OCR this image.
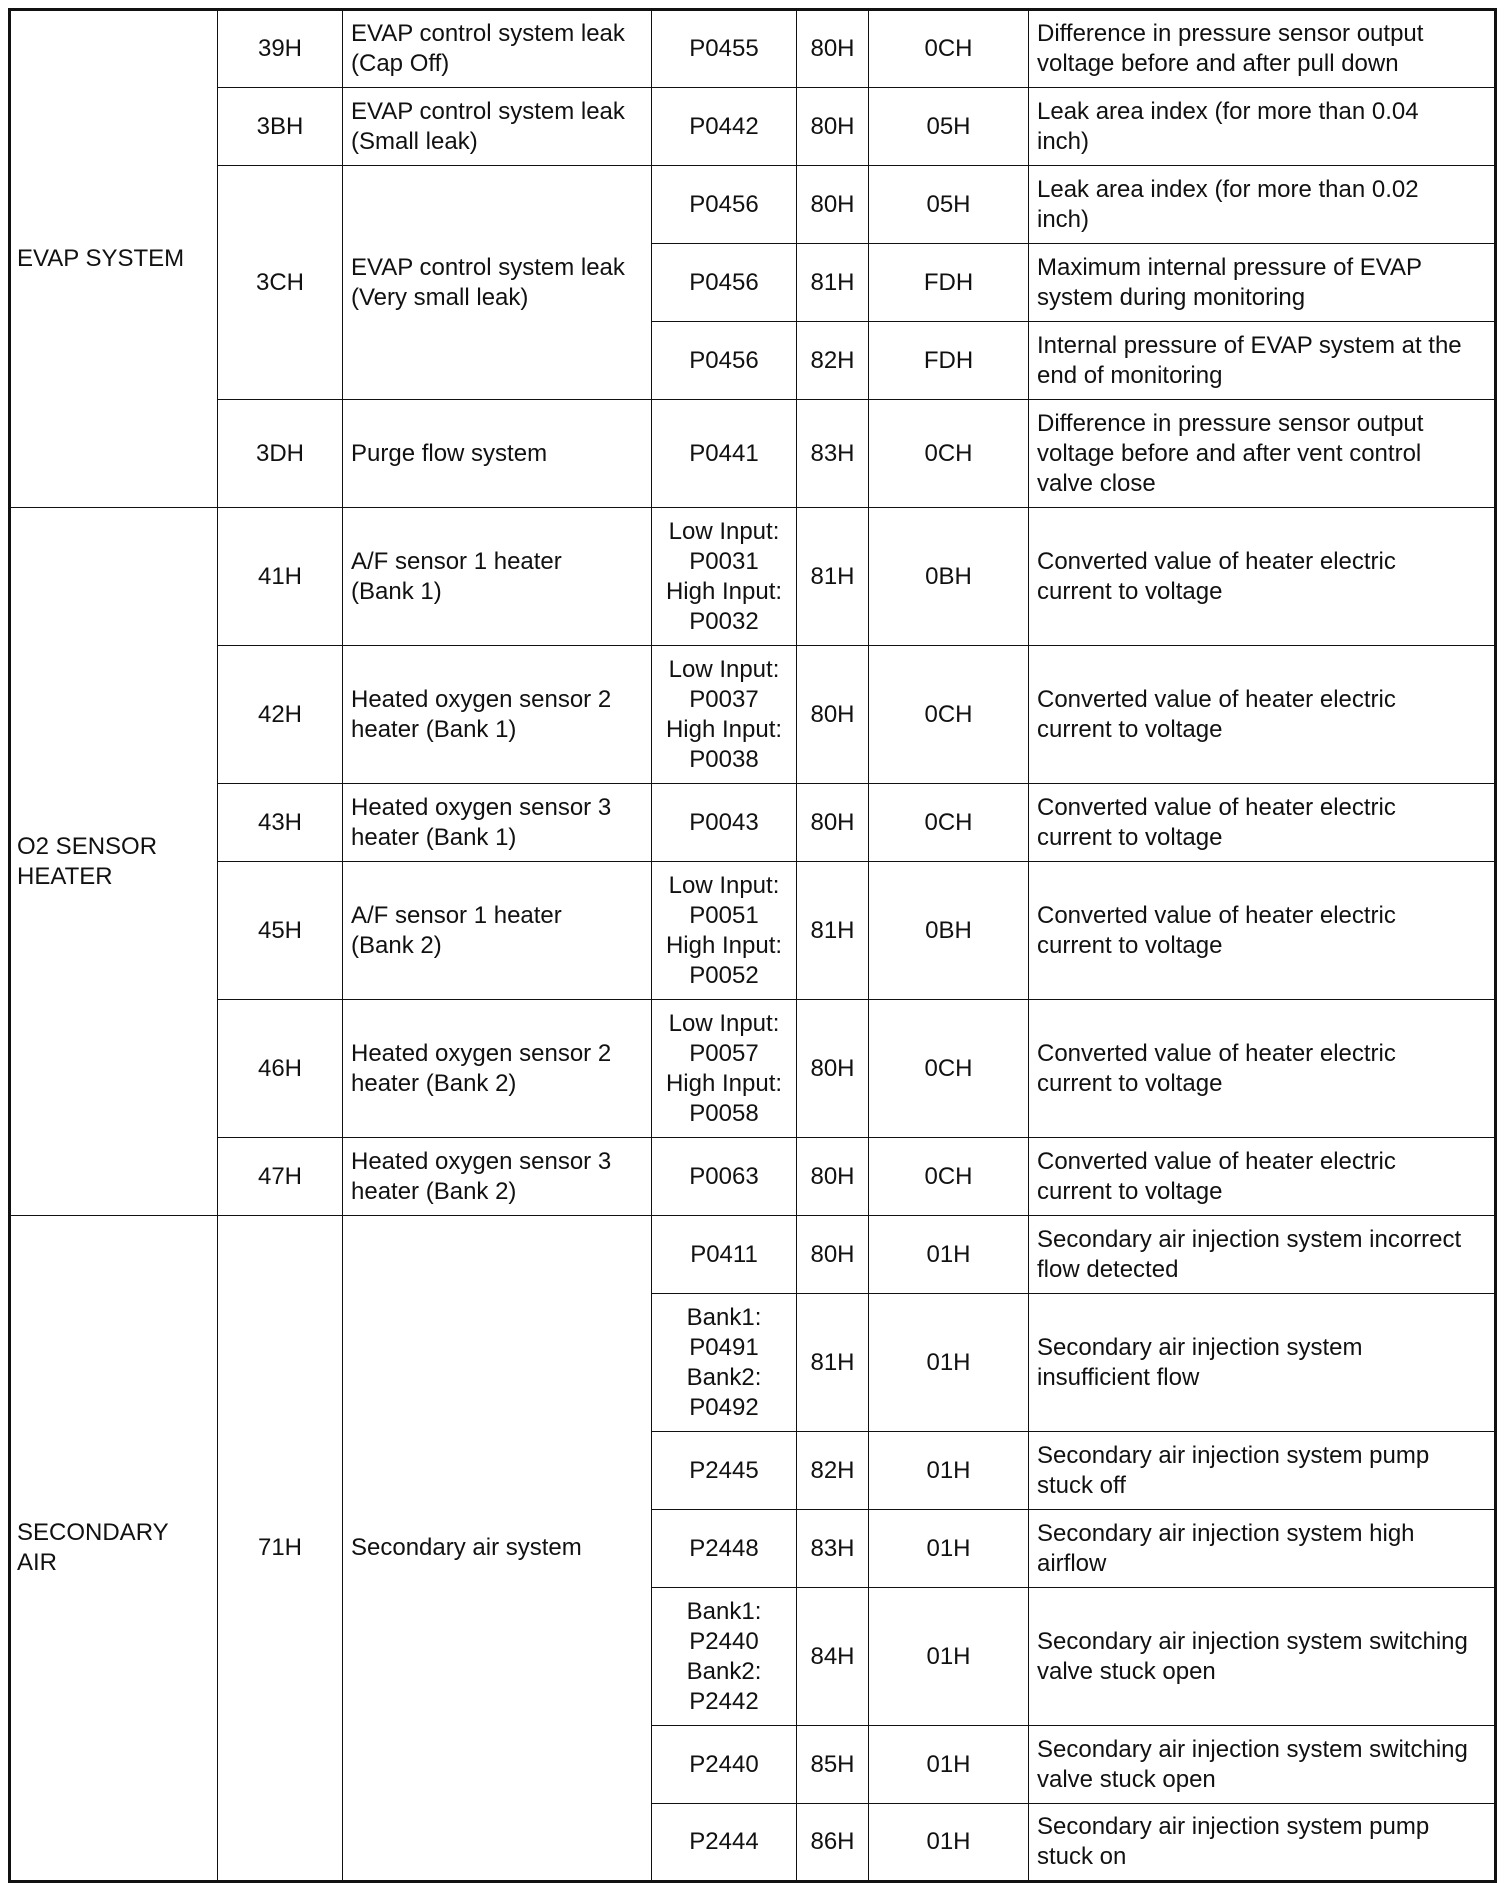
EVAP SYSTEM	39H	EVAP control system leak
(Cap Off)	P0455	80H	0CH	Difference in pressure sensor output
voltage before and after pull down

	3BH	EVAP control system leak
(Small leak)	P0442	80H	05H	Leak area index (for more than 0.04
inch)

	3CH	EVAP control system leak
(Very small leak)	P0456	80H	05H	Leak area index (for more than 0.02
inch)

			P0456	81H	FDH	Maximum internal pressure of EVAP
system during monitoring

			P0456	82H	FDH	Internal pressure of EVAP system at the
end of monitoring

	3DH	Purge flow system	P0441	83H	0CH	Difference in pressure sensor output
voltage before and after vent control
valve close

O2 SENSOR
HEATER	41H	A/F sensor 1 heater
(Bank 1)	Low Input:
P0031
High Input:
P0032	81H	0BH	Converted value of heater electric
current to voltage

	42H	Heated oxygen sensor 2
heater (Bank 1)	Low Input:
P0037
High Input:
P0038	80H	0CH	Converted value of heater electric
current to voltage

	43H	Heated oxygen sensor 3
heater (Bank 1)	P0043	80H	0CH	Converted value of heater electric
current to voltage

	45H	A/F sensor 1 heater
(Bank 2)	Low Input:
P0051
High Input:
P0052	81H	0BH	Converted value of heater electric
current to voltage

	46H	Heated oxygen sensor 2
heater (Bank 2)	Low Input:
P0057
High Input:
P0058	80H	0CH	Converted value of heater electric
current to voltage

	47H	Heated oxygen sensor 3
heater (Bank 2)	P0063	80H	0CH	Converted value of heater electric
current to voltage

SECONDARY
AIR	71H	Secondary air system	P0411	80H	01H	Secondary air injection system incorrect
flow detected

			Bank1:
P0491
Bank2:
P0492	81H	01H	Secondary air injection system
insufficient flow

			P2445	82H	01H	Secondary air injection system pump
stuck off

			P2448	83H	01H	Secondary air injection system high
airflow

			Bank1:
P2440
Bank2:
P2442	84H	01H	Secondary air injection system switching
valve stuck open

			P2440	85H	01H	Secondary air injection system switching
valve stuck open

			P2444	86H	01H	Secondary air injection system pump
stuck on
